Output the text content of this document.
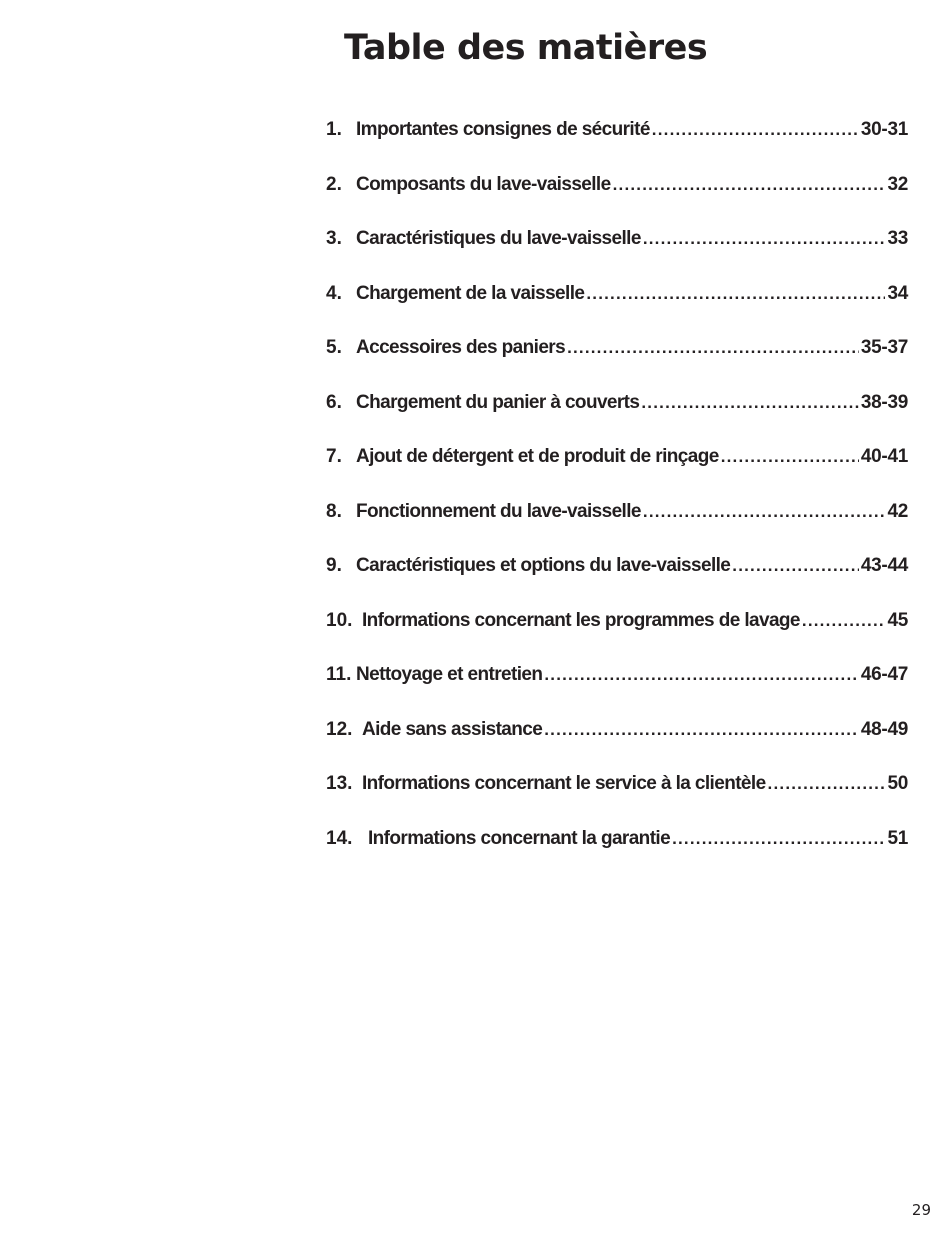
Table des matières
1. Importantes consignes de sécurité .....	30-31
2. Composants du lave-vaisselle .....	32
3. Caractéristiques du lave-vaisselle .....	33
4. Chargement de la vaisselle .....	34
5. Accessoires des paniers .....	35-37
6. Chargement du panier à couverts .....	38-39
7. Ajout de détergent et de produit de rinçage .....	40-41
8. Fonctionnement du lave-vaisselle .....	42
9. Caractéristiques et options du lave-vaisselle .....	43-44
10. Informations concernant les programmes de lavage .....	45
11. Nettoyage et entretien .....	46-47
12. Aide sans assistance .....	48-49
13. Informations concernant le service à la clientèle .....	50
14. Informations concernant la garantie .....	51
29
